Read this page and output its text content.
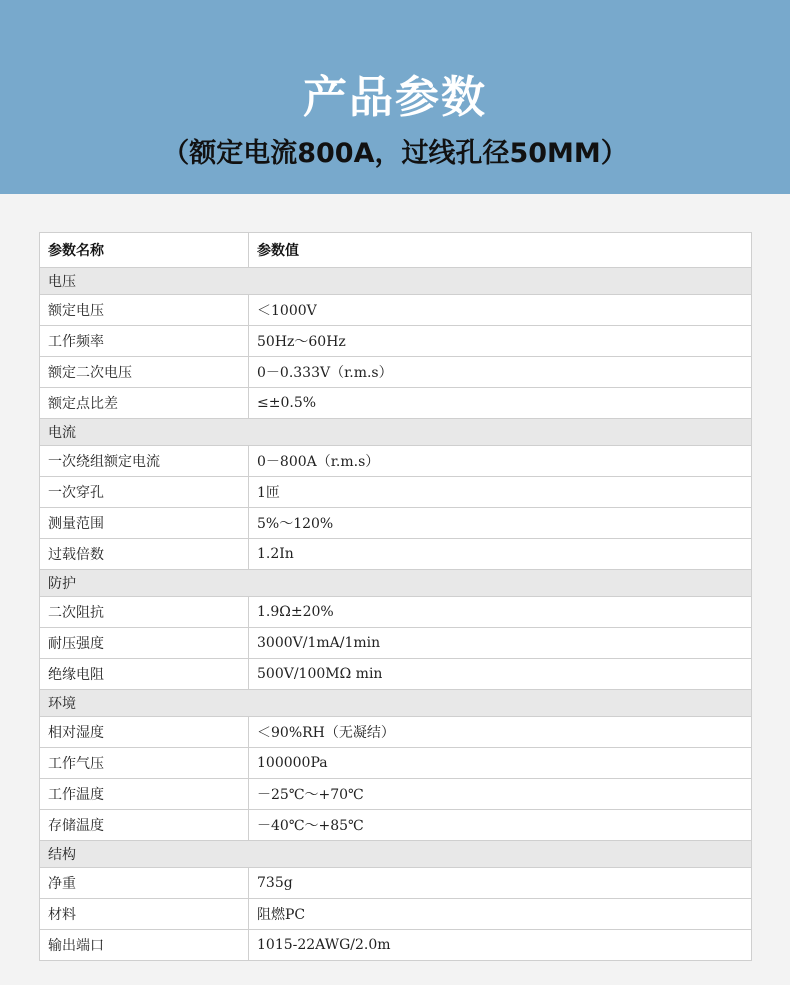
产品参数
（额定电流800A，过线孔径50MM）
参数名称	参数值
电压
额定电压	＜1000V
工作频率	50Hz～60Hz
额定二次电压	0－0.333V（r.m.s）
额定点比差	≤±0.5%
电流
一次绕组额定电流	0－800A（r.m.s）
一次穿孔	1匝
测量范围	5%～120%
过载倍数	1.2In
防护
二次阻抗	1.9Ω±20%
耐压强度	3000V/1mA/1min
绝缘电阻	500V/100MΩ min
环境
相对湿度	＜90%RH（无凝结）
工作气压	100000Pa
工作温度	－25℃～+70℃
存储温度	－40℃～+85℃
结构
净重	735g
材料	阻燃PC
输出端口	1015-22AWG/2.0m
